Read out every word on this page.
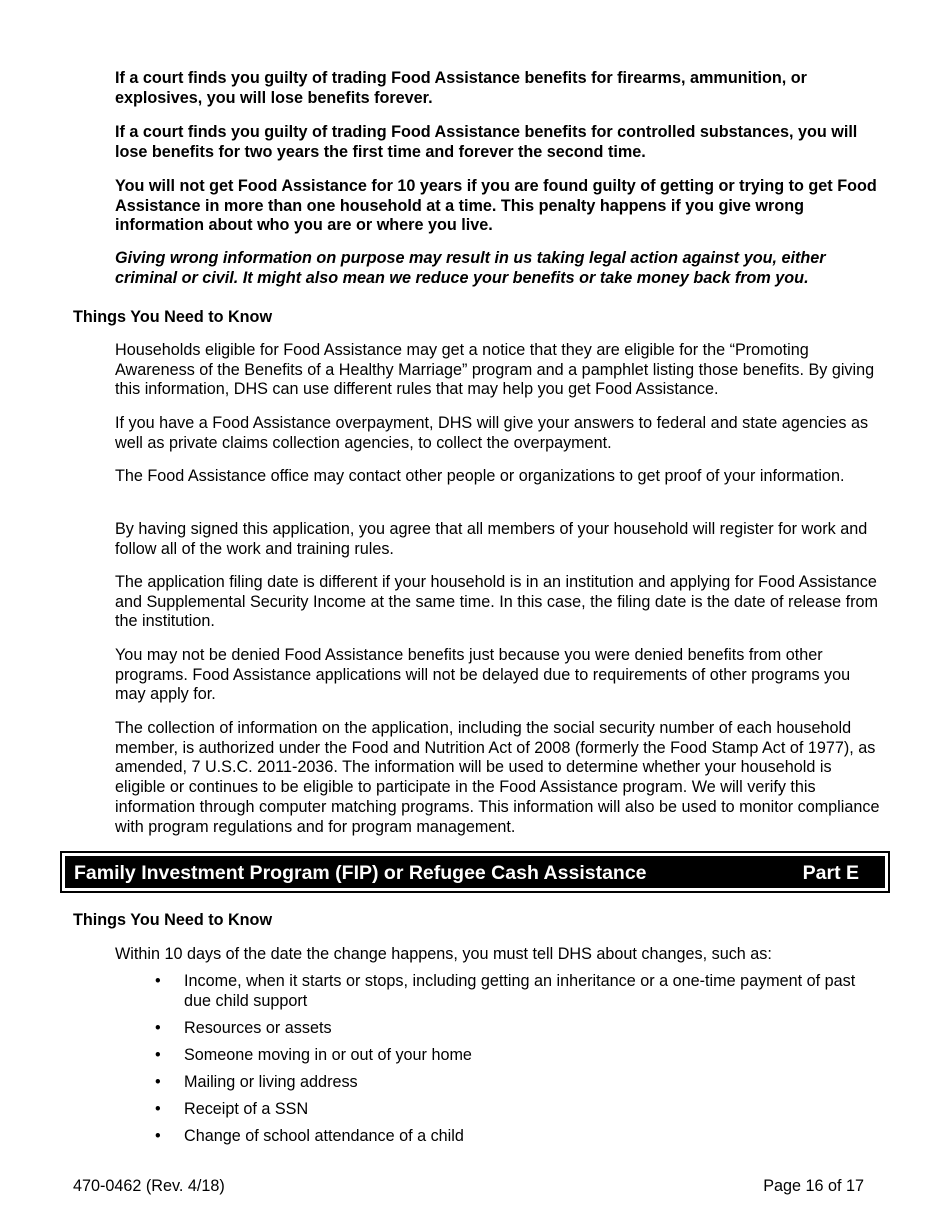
If a court finds you guilty of trading Food Assistance benefits for firearms, ammunition, or explosives, you will lose benefits forever.
If a court finds you guilty of trading Food Assistance benefits for controlled substances, you will lose benefits for two years the first time and forever the second time.
You will not get Food Assistance for 10 years if you are found guilty of getting or trying to get Food Assistance in more than one household at a time. This penalty happens if you give wrong information about who you are or where you live.
Giving wrong information on purpose may result in us taking legal action against you, either criminal or civil. It might also mean we reduce your benefits or take money back from you.
Things You Need to Know
Households eligible for Food Assistance may get a notice that they are eligible for the “Promoting Awareness of the Benefits of a Healthy Marriage” program and a pamphlet listing those benefits. By giving this information, DHS can use different rules that may help you get Food Assistance.
If you have a Food Assistance overpayment, DHS will give your answers to federal and state agencies as well as private claims collection agencies, to collect the overpayment.
The Food Assistance office may contact other people or organizations to get proof of your information.
By having signed this application, you agree that all members of your household will register for work and follow all of the work and training rules.
The application filing date is different if your household is in an institution and applying for Food Assistance and Supplemental Security Income at the same time. In this case, the filing date is the date of release from the institution.
You may not be denied Food Assistance benefits just because you were denied benefits from other programs. Food Assistance applications will not be delayed due to requirements of other programs you may apply for.
The collection of information on the application, including the social security number of each household member, is authorized under the Food and Nutrition Act of 2008 (formerly the Food Stamp Act of 1977), as amended, 7 U.S.C. 2011-2036. The information will be used to determine whether your household is eligible or continues to be eligible to participate in the Food Assistance program. We will verify this information through computer matching programs. This information will also be used to monitor compliance with program regulations and for program management.
Family Investment Program (FIP) or Refugee Cash Assistance	Part E
Things You Need to Know
Within 10 days of the date the change happens, you must tell DHS about changes, such as:
• Income, when it starts or stops, including getting an inheritance or a one-time payment of past due child support
• Resources or assets
• Someone moving in or out of your home
• Mailing or living address
• Receipt of a SSN
• Change of school attendance of a child
470-0462 (Rev. 4/18)	Page 16 of 17
